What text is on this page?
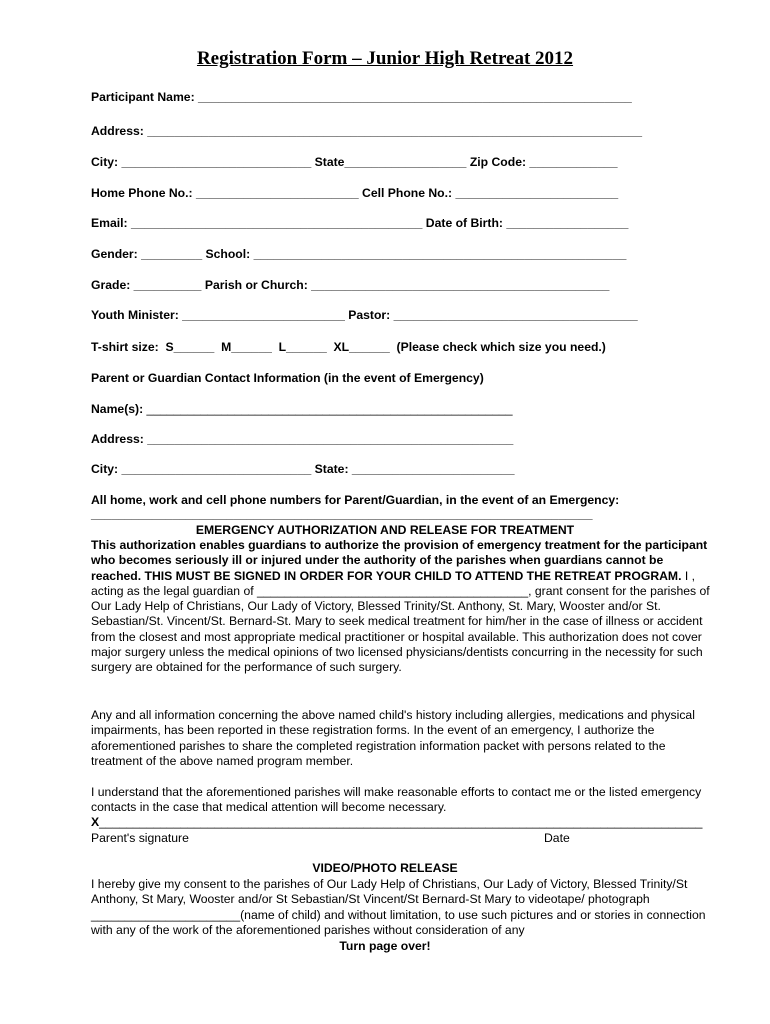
Registration Form – Junior High Retreat 2012
Participant Name: ________________________________________________________________
Address: _________________________________________________________________________
City: ____________________________ State__________________ Zip Code: _____________
Home Phone No.: ________________________ Cell Phone No.: ________________________
Email: ___________________________________________ Date of Birth: __________________
Gender: _________ School: _______________________________________________________
Grade: __________ Parish or Church: ____________________________________________
Youth Minister: ________________________ Pastor: ____________________________________
T-shirt size:  S______  M______  L______  XL______  (Please check which size you need.)
Parent or Guardian Contact Information (in the event of Emergency)
Name(s): ______________________________________________________
Address: ______________________________________________________
City: ____________________________ State: ________________________
All home, work and cell phone numbers for Parent/Guardian, in the event of an Emergency:
__________________________________________________________________________
EMERGENCY AUTHORIZATION AND RELEASE FOR TREATMENT
This authorization enables guardians to authorize the provision of emergency treatment for the participant who becomes seriously ill or injured under the authority of the parishes when guardians cannot be reached. THIS MUST BE SIGNED IN ORDER FOR YOUR CHILD TO ATTEND THE RETREAT PROGRAM. I , acting as the legal guardian of ________________________________________, grant consent for the parishes of Our Lady Help of Christians, Our Lady of Victory, Blessed Trinity/St. Anthony, St. Mary, Wooster and/or St. Sebastian/St. Vincent/St. Bernard-St. Mary to seek medical treatment for him/her in the case of illness or accident from the closest and most appropriate medical practitioner or hospital available. This authorization does not cover major surgery unless the medical opinions of two licensed physicians/dentists concurring in the necessity for such surgery are obtained for the performance of such surgery.
Any and all information concerning the above named child's history including allergies, medications and physical impairments, has been reported in these registration forms. In the event of an emergency, I authorize the aforementioned parishes to share the completed registration information packet with persons related to the treatment of the above named program member.
I understand that the aforementioned parishes will make reasonable efforts to contact me or the listed emergency contacts in the case that medical attention will become necessary.
X_________________________________________________________________________________________
Parent's signature	Date
VIDEO/PHOTO RELEASE
I hereby give my consent to the parishes of Our Lady Help of Christians, Our Lady of Victory, Blessed Trinity/St Anthony, St Mary, Wooster and/or St Sebastian/St Vincent/St Bernard-St Mary to videotape/ photograph ______________________(name of child) and without limitation, to use such pictures and or stories in connection with any of the work of the aforementioned parishes without consideration of any
Turn page over!
